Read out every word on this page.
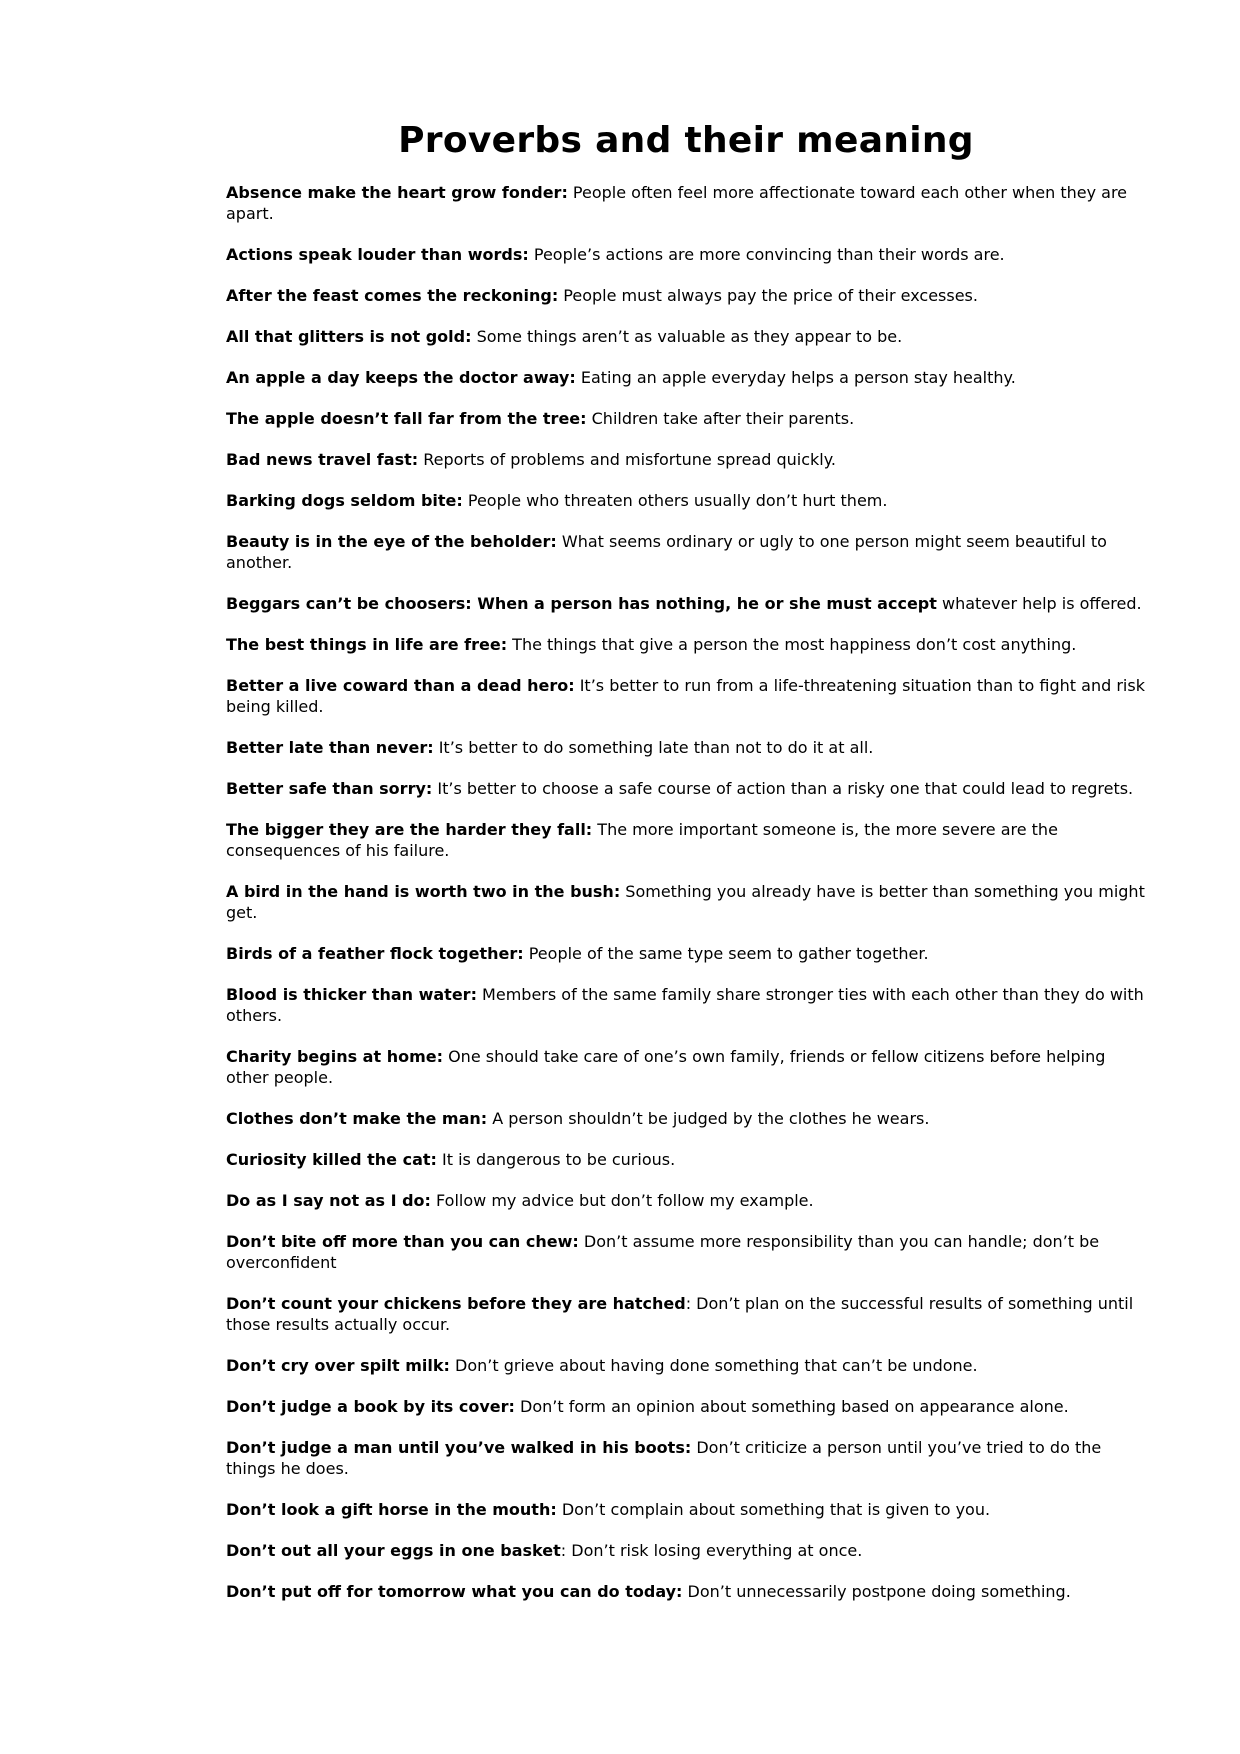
Proverbs and their meaning

Absence make the heart grow fonder: People often feel more affectionate toward each other when they are apart.

Actions speak louder than words: People’s actions are more convincing than their words are.

After the feast comes the reckoning: People must always pay the price of their excesses.

All that glitters is not gold: Some things aren’t as valuable as they appear to be.

An apple a day keeps the doctor away: Eating an apple everyday helps a person stay healthy.

The apple doesn’t fall far from the tree: Children take after their parents.

Bad news travel fast: Reports of problems and misfortune spread quickly.

Barking dogs seldom bite: People who threaten others usually don’t hurt them.

Beauty is in the eye of the beholder: What seems ordinary or ugly to one person might seem beautiful to another.

Beggars can’t be choosers: When a person has nothing, he or she must accept whatever help is offered.

The best things in life are free: The things that give a person the most happiness don’t cost anything.

Better a live coward than a dead hero: It’s better to run from a life-threatening situation than to fight and risk being killed.

Better late than never: It’s better to do something late than not to do it at all.

Better safe than sorry: It’s better to choose a safe course of action than a risky one that could lead to regrets.

The bigger they are the harder they fall: The more important someone is, the more severe are the consequences of his failure.

A bird in the hand is worth two in the bush: Something you already have is better than something you might get.

Birds of a feather flock together: People of the same type seem to gather together.

Blood is thicker than water: Members of the same family share stronger ties with each other than they do with others.

Charity begins at home: One should take care of one’s own family, friends or fellow citizens before helping other people.

Clothes don’t make the man: A person shouldn’t be judged by the clothes he wears.

Curiosity killed the cat: It is dangerous to be curious.

Do as I say not as I do: Follow my advice but don’t follow my example.

Don’t bite off more than you can chew: Don’t assume more responsibility than you can handle; don’t be overconfident

Don’t count your chickens before they are hatched: Don’t plan on the successful results of something until those results actually occur.

Don’t cry over spilt milk: Don’t grieve about having done something that can’t be undone.

Don’t judge a book by its cover: Don’t form an opinion about something based on appearance alone.

Don’t judge a man until you’ve walked in his boots: Don’t criticize a person until you’ve tried to do the things he does.

Don’t look a gift horse in the mouth: Don’t complain about something that is given to you.

Don’t out all your eggs in one basket: Don’t risk losing everything at once.

Don’t put off for tomorrow what you can do today: Don’t unnecessarily postpone doing something.
